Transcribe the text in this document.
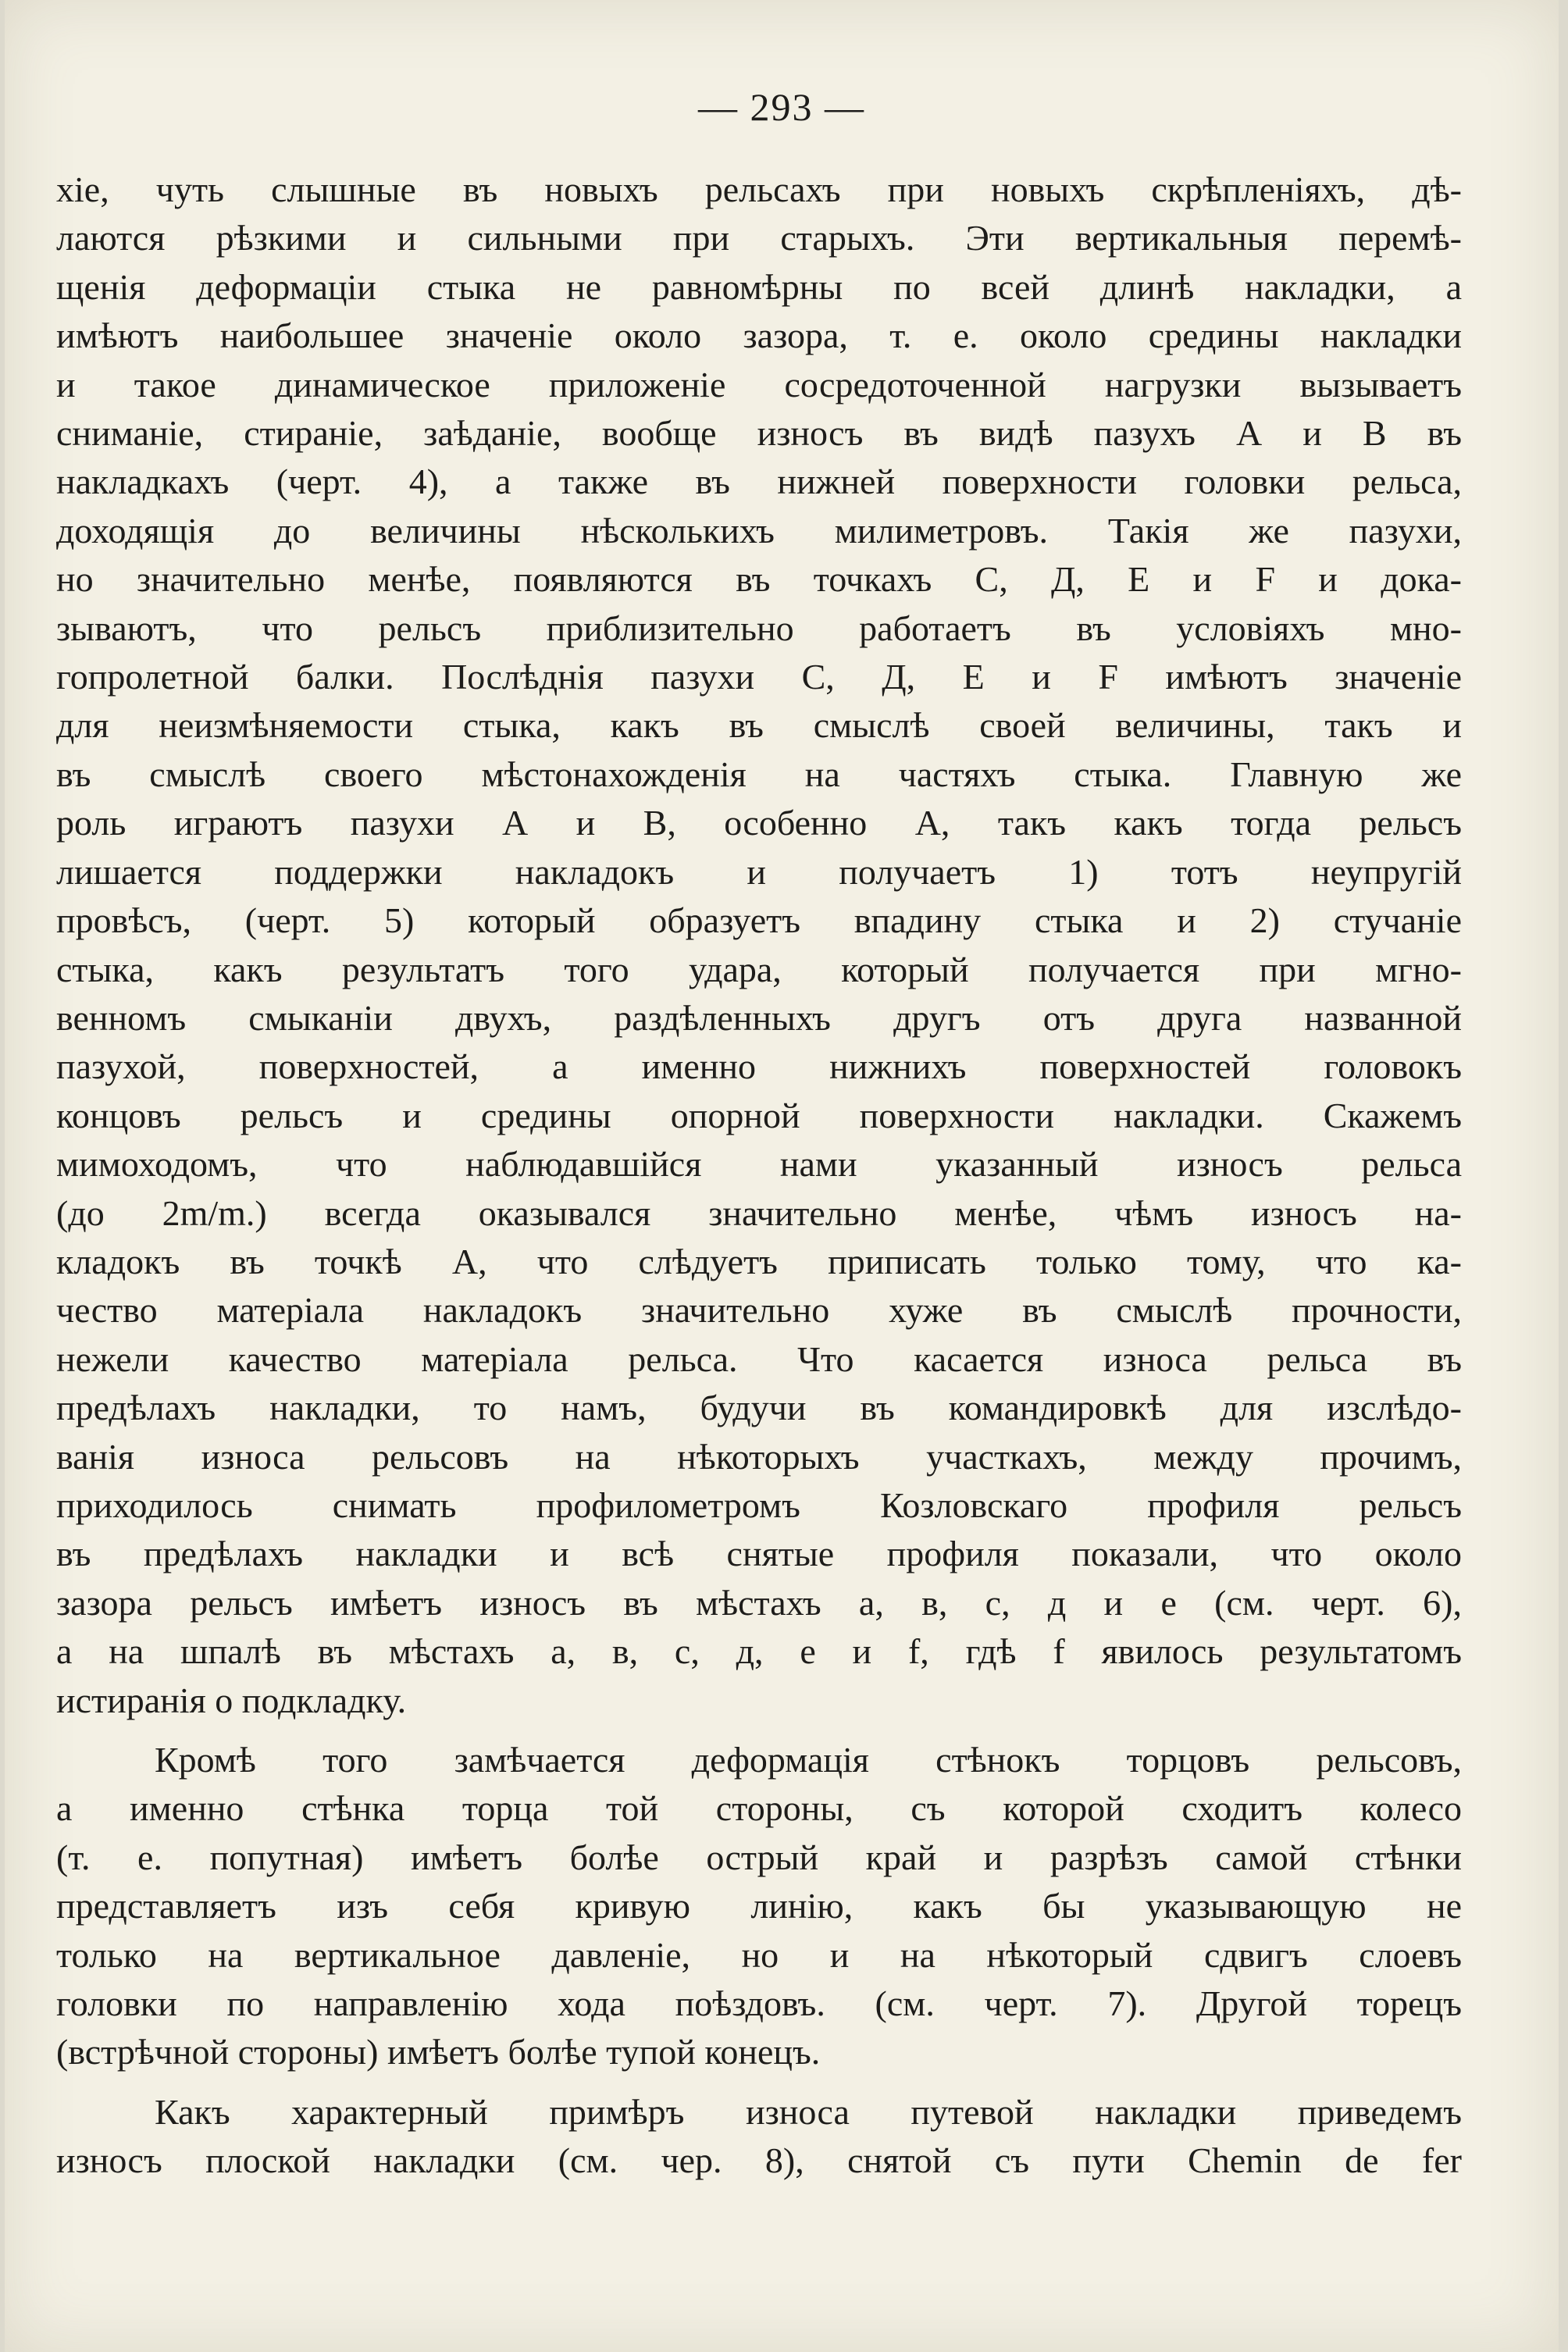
— 293 —

хіе, чуть слышные въ новыхъ рельсахъ при новыхъ скрѣпленіяхъ, дѣ-
лаются рѣзкими и сильными при старыхъ. Эти вертикальныя перемѣ-
щенія деформаціи стыка не равномѣрны по всей длинѣ накладки, а
имѣютъ наибольшее значеніе около зазора, т. е. около средины накладки
и такое динамическое приложеніе сосредоточенной нагрузки вызываетъ
сниманіе, стираніе, заѣданіе, вообще износъ въ видѣ пазухъ А и В въ
накладкахъ (черт. 4), а также въ нижней поверхности головки рельса,
доходящія до величины нѣсколькихъ милиметровъ. Такія же пазухи,
но значительно менѣе, появляются въ точкахъ С, Д, Е и F и дока-
зываютъ, что рельсъ приблизительно работаетъ въ условіяхъ мно-
гопролетной балки. Послѣднія пазухи С, Д, Е и F имѣютъ значеніе
для неизмѣняемости стыка, какъ въ смыслѣ своей величины, такъ и
въ смыслѣ своего мѣстонахожденія на частяхъ стыка. Главную же
роль играютъ пазухи А и В, особенно А, такъ какъ тогда рельсъ
лишается поддержки накладокъ и получаетъ 1) тотъ неупругій
провѣсъ, (черт. 5) который образуетъ впадину стыка и 2) стучаніе
стыка, какъ результатъ того удара, который получается при мгно-
венномъ смыканіи двухъ, раздѣленныхъ другъ отъ друга названной
пазухой, поверхностей, а именно нижнихъ поверхностей головокъ
концовъ рельсъ и средины опорной поверхности накладки. Скажемъ
мимоходомъ, что наблюдавшійся нами указанный износъ рельса
(до 2m/m.) всегда оказывался значительно менѣе, чѣмъ износъ на-
кладокъ въ точкѣ А, что слѣдуетъ приписать только тому, что ка-
чество матеріала накладокъ значительно хуже въ смыслѣ прочности,
нежели качество матеріала рельса. Что касается износа рельса въ
предѣлахъ накладки, то намъ, будучи въ командировкѣ для изслѣдо-
ванія износа рельсовъ на нѣкоторыхъ участкахъ, между прочимъ,
приходилось снимать профилометромъ Козловскаго профиля рельсъ
въ предѣлахъ накладки и всѣ снятые профиля показали, что около
зазора рельсъ имѣетъ износъ въ мѣстахъ а, в, с, д и е (см. черт. 6),
а на шпалѣ въ мѣстахъ а, в, с, д, е и f, гдѣ f явилось результатомъ
истиранія о подкладку.

Кромѣ того замѣчается деформація стѣнокъ торцовъ рельсовъ,
а именно стѣнка торца той стороны, съ которой сходитъ колесо
(т. е. попутная) имѣетъ болѣе острый край и разрѣзъ самой стѣнки
представляетъ изъ себя кривую линію, какъ бы указывающую не
только на вертикальное давленіе, но и на нѣкоторый сдвигъ слоевъ
головки по направленію хода поѣздовъ. (см. черт. 7). Другой торецъ
(встрѣчной стороны) имѣетъ болѣе тупой конецъ.

Какъ характерный примѣръ износа путевой накладки приведемъ
износъ плоской накладки (см. чер. 8), снятой съ пути Chemin de fer
